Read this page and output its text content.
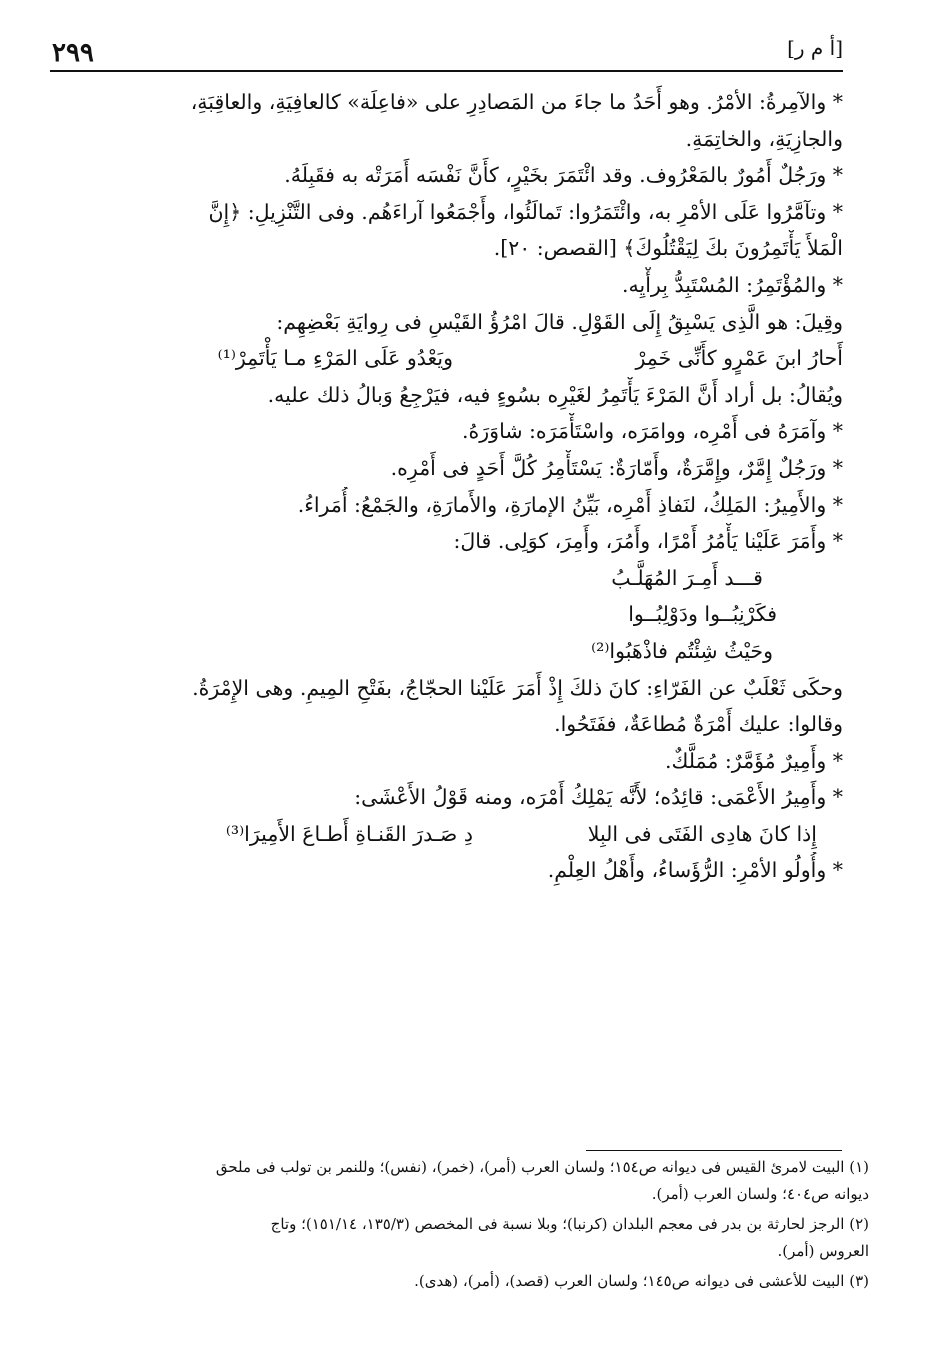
٢٩٩	[أ م ر]
* والآمِرةُ: الأمْرُ. وهو أَحَدُ ما جاءَ من المَصادِرِ على «فاعِلَة» كالعافِيَةِ، والعاقِبَةِ،
والجازِيَةِ، والخاتِمَةِ.
* ورَجُلٌ أَمُورٌ بالمَعْرُوف. وقد ائْتَمَرَ بخَيْرٍ، كأَنَّ نَفْسَه أَمَرَتْه به فقَبِلَهُ.
* وتآمَّرُوا عَلَى الأمْرِ به، وائْتَمَرُوا: تَمالَئُوا، وأَجْمَعُوا آراءَهُم. وفى التَّنْزِيلِ: ﴿إِنَّ
الْمَلأَ يَأْتَمِرُونَ بكَ لِيَقْتُلُوكَ﴾ [القصص: ٢٠].
* والمُؤْتَمِرُ: المُسْتَبِدُّ بِرأْيِه.
وقِيلَ: هو الَّذِى يَسْبِقُ إِلَى القَوْلِ. قالَ امْرُؤُ القَيْسِ فى رِوايَةِ بَعْضِهِم:
أَحارُ ابنَ عَمْرٍو كأَنِّى خَمِرْ
ويَعْدُو عَلَى المَرْءِ مـا يَأْتَمِرْ⁽¹⁾
ويُقالُ: بل أراد أَنَّ المَرْءَ يَأْتَمِرُ لغَيْرِه بسُوءٍ فيه، فيَرْجِعُ وَبالُ ذلك عليه.
* وآمَرَهُ فى أَمْرِه، ووامَرَه، واسْتَأْمَرَه: شاوَرَهُ.
* ورَجُلٌ إِمَّرٌ، وإِمَّرَةٌ، وأَمّارَةٌ: يَسْتَأْمِرُ كُلَّ أَحَدٍ فى أَمْرِه.
* والأَمِيرُ: المَلِكُ، لنَفاذِ أَمْرِه، بَيِّنُ الإمارَةِ، والأَمارَةِ، والجَمْعُ: أُمَراءُ.
* وأَمَرَ عَلَيْنا يَأْمُرُ أَمْرًا، وأَمُرَ، وأَمِرَ، كوَلِى. قالَ:
قـــد أَمِـرَ المُهَلَّـبُ
فكَرْنِبُــوا ودَوْلِبُــوا
وحَيْثُ شِئْتُم فاذْهَبُوا⁽²⁾
وحكَى ثَعْلَبٌ عن الفَرّاءِ: كانَ ذلكَ إِذْ أَمَرَ عَلَيْنا الحجّاجُ، بفَتْحِ المِيمِ. وهى الإِمْرَةُ.
وقالوا: عليك أَمْرَةٌ مُطاعَةٌ، ففَتَحُوا.
* وأَمِيرٌ مُؤَمَّرٌ: مُمَلَّكٌ.
* وأَمِيرُ الأَعْمَى: قائِدُه؛ لأَنَّه يَمْلِكُ أَمْرَه، ومنه قَوْلُ الأَعْشَى:
إِذا كانَ هادِى الفَتَى فى البِلا
دِ صَـدرَ القَنـاةِ أَطـاعَ الأَمِيرَا⁽³⁾
* وأُولُو الأمْرِ: الرُّؤَساءُ، وأَهْلُ العِلْمِ.
(١) البيت لامرئ القيس فى ديوانه ص١٥٤؛ ولسان العرب (أمر)، (خمر)، (نفس)؛ وللنمر بن تولب فى ملحق
ديوانه ص٤٠٤؛ ولسان العرب (أمر).
(٢) الرجز لحارثة بن بدر فى معجم البلدان (كرنبا)؛ وبلا نسبة فى المخصص (١٣٥/٣، ١٥١/١٤)؛ وتاج
العروس (أمر).
(٣) البيت للأعشى فى ديوانه ص١٤٥؛ ولسان العرب (قصد)، (أمر)، (هدى).
